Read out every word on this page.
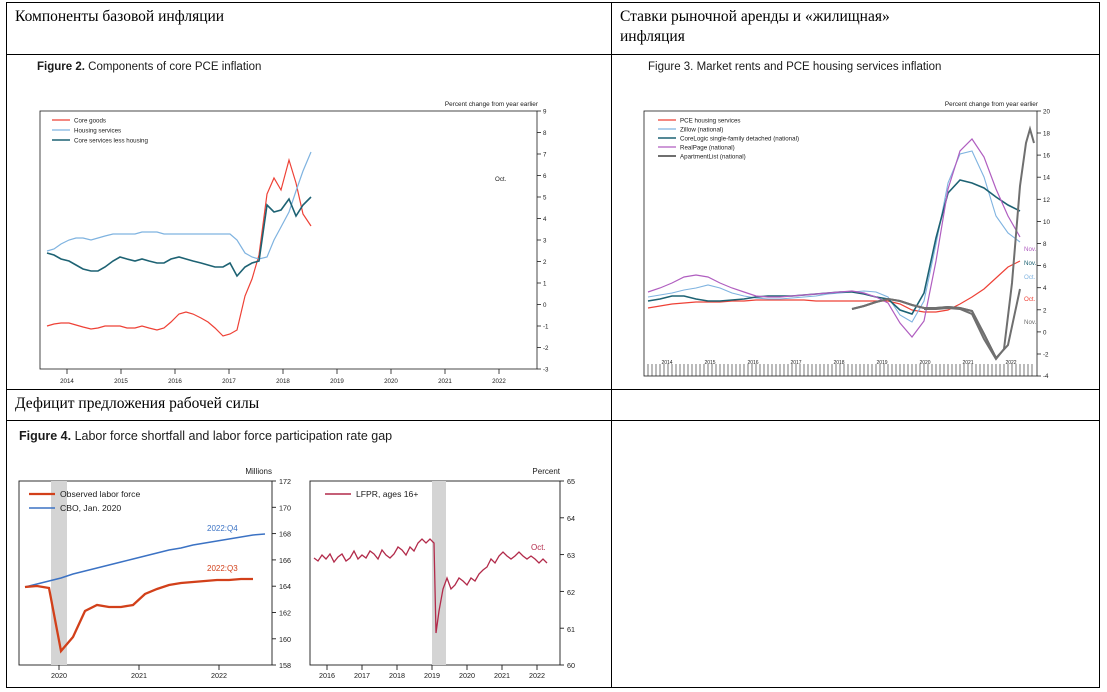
Компоненты базовой инфляции	Ставки рыночной аренды и «жилищная»
инфляция
Дефицит предложения рабочей силы
Figure 2. Components of core PCE inflation
Percent change from year earlier
9
8
7
6
5
4
3
2
1
0
-1
-2
-3
2014	2015	2016	2017	2018	2019	2020	2021	2022
Core goods
Housing services
Core services less housing
Oct.
Figure 3. Market rents and PCE housing services inflation
Percent change from year earlier
20
18
16
14
12
10
8
6
4
2
0
-2
-4
2014	2015	2016	2017	2018	2019	2020	2021	2022
PCE housing services
Zillow (national)
CoreLogic single-family detached (national)
RealPage (national)
ApartmentList (national)
Nov.
Nov.
Oct.
Oct.
Nov.
Figure 4. Labor force shortfall and labor force participation rate gap
Millions
172
170
168
166
164
162
160
158
2020	2021	2022
Observed labor force
CBO, Jan. 2020
2022:Q4
2022:Q3
Percent
65
64
63
62
61
60
2016	2017	2018	2019	2020	2021	2022
LFPR, ages 16+
Oct.
